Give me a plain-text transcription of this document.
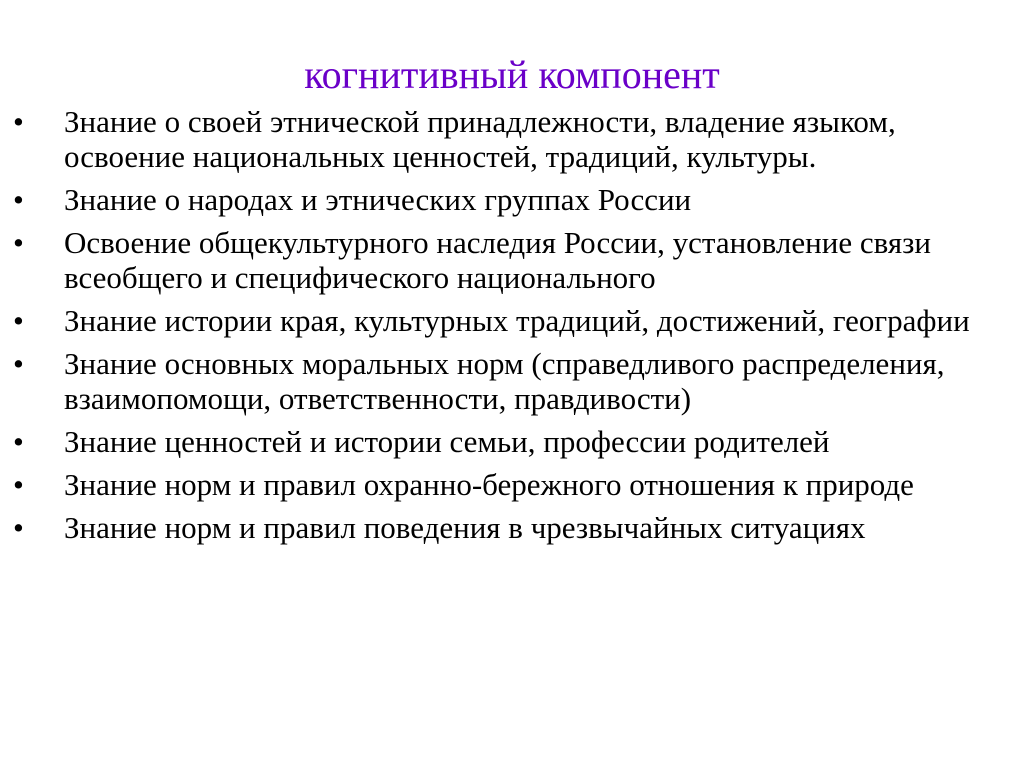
когнитивный компонент
•	Знание о своей этнической принадлежности, владение языком, освоение национальных ценностей, традиций, культуры.
•	Знание о народах и этнических группах России
•	Освоение общекультурного наследия России, установление связи всеобщего и специфического национального
•	Знание истории края, культурных традиций, достижений, географии
•	Знание основных моральных норм (справедливого распределения, взаимопомощи, ответственности, правдивости)
•	Знание ценностей и истории семьи, профессии родителей
•	Знание норм и правил охранно-бережного отношения к природе
•	Знание норм и правил поведения в чрезвычайных ситуациях
